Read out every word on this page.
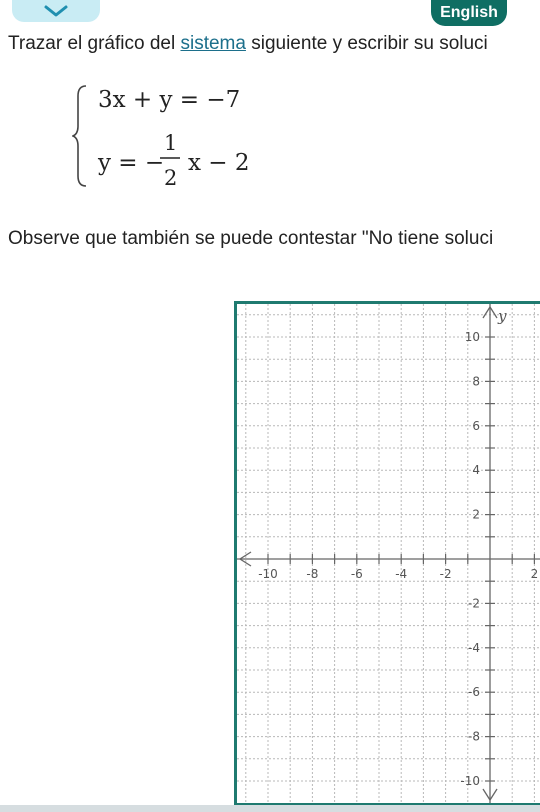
English
Trazar el gráfico del sistema siguiente y escribir su soluci
3x + y = −7
y = −
1
2
x − 2
Observe que también se puede contestar "No tiene soluci
-10 -8	-6	-4	-2	2
10
8
6
4
2
-2
-4
-6
-8
-10
y
